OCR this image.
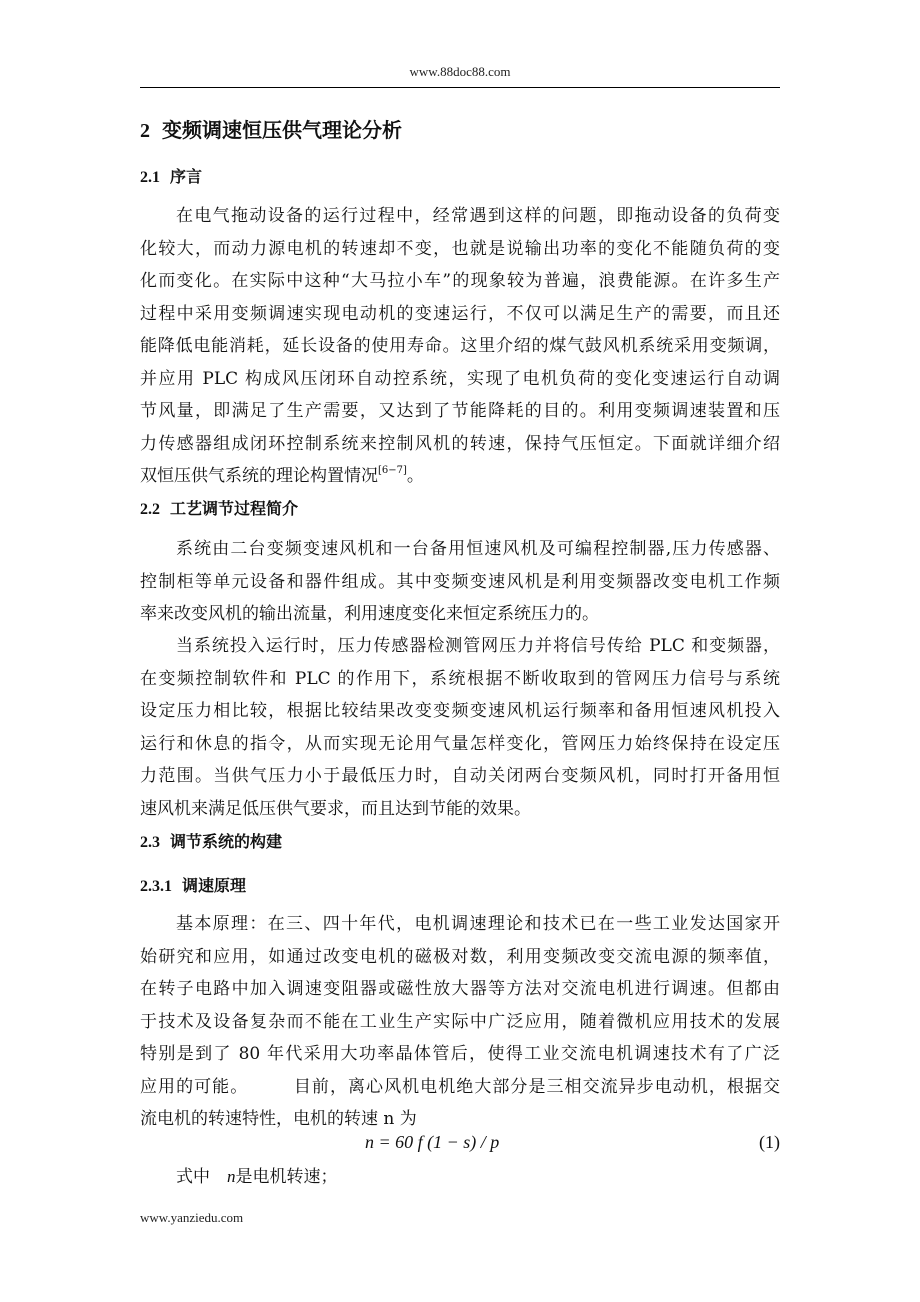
www.88doc88.com
2 变频调速恒压供气理论分析
2.1 序言
在电气拖动设备的运行过程中，经常遇到这样的问题，即拖动设备的负荷变
化较大，而动力源电机的转速却不变，也就是说输出功率的变化不能随负荷的变
化而变化。在实际中这种“大马拉小车”的现象较为普遍，浪费能源。在许多生产
过程中采用变频调速实现电动机的变速运行，不仅可以满足生产的需要，而且还
能降低电能消耗，延长设备的使用寿命。这里介绍的煤气鼓风机系统采用变频调，
并应用 PLC 构成风压闭环自动控系统，实现了电机负荷的变化变速运行自动调
节风量，即满足了生产需要，又达到了节能降耗的目的。利用变频调速装置和压
力传感器组成闭环控制系统来控制风机的转速，保持气压恒定。下面就详细介绍
双恒压供气系统的理论构置情况[6−7]。
2.2 工艺调节过程简介
系统由二台变频变速风机和一台备用恒速风机及可编程控制器,压力传感器、
控制柜等单元设备和器件组成。其中变频变速风机是利用变频器改变电机工作频
率来改变风机的输出流量，利用速度变化来恒定系统压力的。
当系统投入运行时，压力传感器检测管网压力并将信号传给 PLC 和变频器，
在变频控制软件和 PLC 的作用下，系统根据不断收取到的管网压力信号与系统
设定压力相比较，根据比较结果改变变频变速风机运行频率和备用恒速风机投入
运行和休息的指令，从而实现无论用气量怎样变化，管网压力始终保持在设定压
力范围。当供气压力小于最低压力时，自动关闭两台变频风机，同时打开备用恒
速风机来满足低压供气要求，而且达到节能的效果。
2.3 调节系统的构建
2.3.1 调速原理
基本原理：在三、四十年代，电机调速理论和技术已在一些工业发达国家开
始研究和应用，如通过改变电机的磁极对数，利用变频改变交流电源的频率值，
在转子电路中加入调速变阻器或磁性放大器等方法对交流电机进行调速。但都由
于技术及设备复杂而不能在工业生产实际中广泛应用，随着微机应用技术的发展
特别是到了 80 年代采用大功率晶体管后，使得工业交流电机调速技术有了广泛
应用的可能。　　　目前，离心风机电机绝大部分是三相交流异步电动机，根据交
流电机的转速特性，电机的转速 n 为
n = 60 f (1 − s) / p	(1)
式中　n是电机转速；
www.yanziedu.com
